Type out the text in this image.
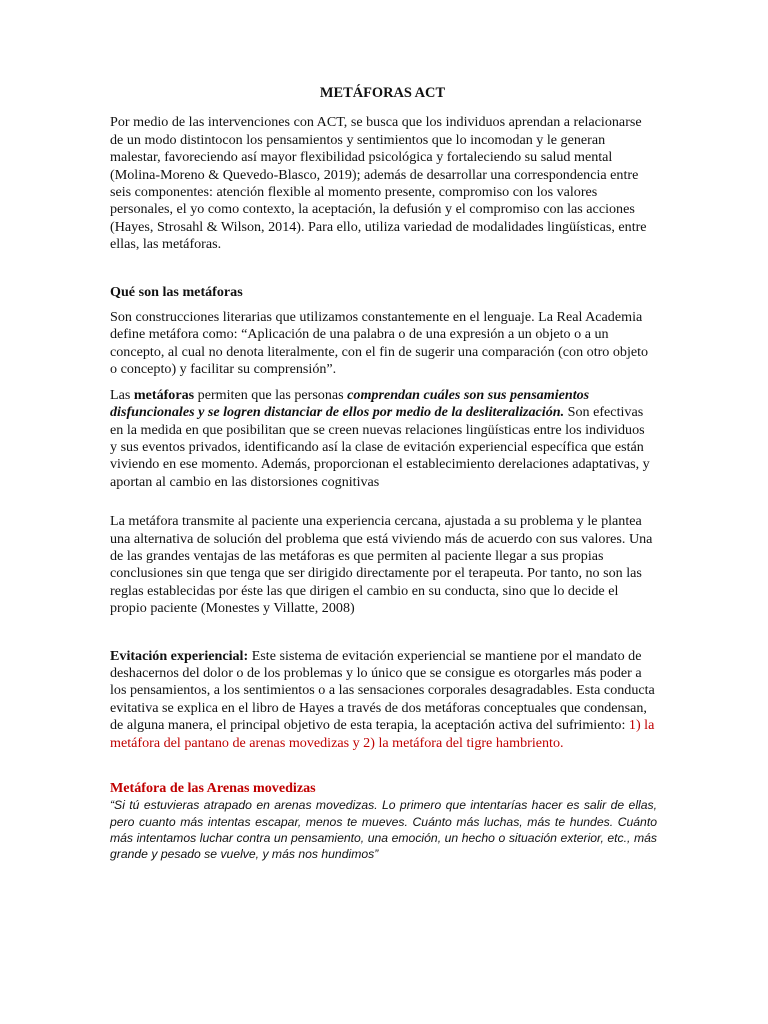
METÁFORAS ACT

Por medio de las intervenciones con ACT, se busca que los individuos aprendan a relacionarse de un modo distintocon los pensamientos y sentimientos que lo incomodan y le generan malestar, favoreciendo así mayor flexibilidad psicológica y fortaleciendo su salud mental (Molina-Moreno & Quevedo-Blasco, 2019); además de desarrollar una correspondencia entre seis componentes: atención flexible al momento presente, compromiso con los valores personales, el yo como contexto, la aceptación, la defusión y el compromiso con las acciones (Hayes, Strosahl & Wilson, 2014). Para ello, utiliza variedad de modalidades lingüísticas, entre ellas, las metáforas.

Qué son las metáforas

Son construcciones literarias que utilizamos constantemente en el lenguaje. La Real Academia define metáfora como: “Aplicación de una palabra o de una expresión a un objeto o a un concepto, al cual no denota literalmente, con el fin de sugerir una comparación (con otro objeto o concepto) y facilitar su comprensión”.

Las metáforas permiten que las personas comprendan cuáles son sus pensamientos disfuncionales y se logren distanciar de ellos por medio de la desliteralización. Son efectivas en la medida en que posibilitan que se creen nuevas relaciones lingüísticas entre los individuos y sus eventos privados, identificando así la clase de evitación experiencial específica que están viviendo en ese momento. Además, proporcionan el establecimiento derelaciones adaptativas, y aportan al cambio en las distorsiones cognitivas

La metáfora transmite al paciente una experiencia cercana, ajustada a su problema y le plantea una alternativa de solución del problema que está viviendo más de acuerdo con sus valores. Una de las grandes ventajas de las metáforas es que permiten al paciente llegar a sus propias conclusiones sin que tenga que ser dirigido directamente por el terapeuta. Por tanto, no son las reglas establecidas por éste las que dirigen el cambio en su conducta, sino que lo decide el propio paciente (Monestes y Villatte, 2008)

Evitación experiencial: Este sistema de evitación experiencial se mantiene por el mandato de deshacernos del dolor o de los problemas y lo único que se consigue es otorgarles más poder a los pensamientos, a los sentimientos o a las sensaciones corporales desagradables. Esta conducta evitativa se explica en el libro de Hayes a través de dos metáforas conceptuales que condensan, de alguna manera, el principal objetivo de esta terapia, la aceptación activa del sufrimiento: 1) la metáfora del pantano de arenas movedizas y 2) la metáfora del tigre hambriento.

Metáfora de las Arenas movedizas

“Si tú estuvieras atrapado en arenas movedizas. Lo primero que intentarías hacer es salir de ellas, pero cuanto más intentas escapar, menos te mueves. Cuánto más luchas, más te hundes. Cuánto más intentamos luchar contra un pensamiento, una emoción, un hecho o situación exterior, etc., más grande y pesado se vuelve, y más nos hundimos”
